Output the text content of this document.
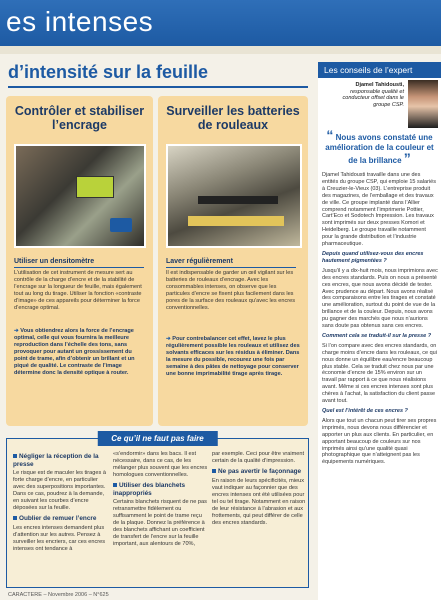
es intenses
d’intensité sur la feuille
Contrôler et stabiliser l’encrage
Utiliser un densitomètre
L’utilisation de cet instrument de mesure sert au contrôle de la charge d’encre et de la stabilité de l’encrage sur la longueur de feuille, mais également tout au long du tirage. Utiliser la fonction «contraste d’image» de ces appareils pour déterminer la force d’encrage optimal.
➔ Vous obtiendrez alors la force de l’encrage optimal, celle qui vous fournira la meilleure reproduction dans l’échelle des tons, sans provoquer pour autant un grossissement du point de trame, afin d’obtenir un brillant et un piqué de qualité. Le contraste de l’image détermine donc la densité optique à router.
Surveiller les batteries de rouleaux
Laver régulièrement
Il est indispensable de garder un œil vigilant sur les batteries de rouleaux d’encrage. Avec les consommables intenses, on observe que les particules d’encre se fixent plus facilement dans les pores de la surface des rouleaux qu’avec les encres conventionnelles.
➔ Pour contrebalancer cet effet, lavez le plus régulièrement possible les rouleaux et utilisez des solvants efficaces sur les résidus à éliminer. Dans la mesure du possible, recourez une fois par semaine à des pâtes de nettoyage pour conserver une bonne imprimabilité tirage après tirage.
Ce qu’il ne faut pas faire
Négliger la réception de la presse

Le risque est de maculer les tirages à forte charge d’encre, en particulier avec des superpositions importantes. Dans ce cas, poudrez à la demande, en suivant les courbes d’encre déposées sur la feuille.

Oublier de remuer l’encre

Les encres intenses demandent plus d’attention sur les autres. Pensez à surveiller les encriers, car ces encres intenses ont tendance à

«s’endormir» dans les bacs. Il est nécessaire, dans ce cas, de les mélanger plus souvent que les encres homologues conventionnelles.

Utiliser des blanchets inappropriés

Certains blanchets risquent de ne pas retransmettre fidèlement ou suffisamment le point de trame reçu de la plaque. Donnez la préférence à des blanchets affichant un coefficient de transfert de l’encre sur la feuille important, aux alentours de 70%,

par exemple. Ceci pour être vraiment certain de la qualité d’impression.

Ne pas avertir le façonnage

En raison de leurs spécificités, mieux vaut indiquer au façonnier que des encres intenses ont été utilisées pour tel ou tel tirage. Notamment en raison de leur résistance à l’abrasion et aux frottements, qui peut différer de celle des encres standards.

Les conseils de l’expert
Djamel Tahidousti,
responsable qualité et conducteur offset dans le groupe CSP.
“ Nous avons constaté une amélioration de la couleur et de la brillance ”

Djamel Tahidousti travaille dans une des entités du groupe CSP, qui emploie 15 salariés à Creuzier-le-Vieux (03). L’entreprise produit des magazines, de l’emballage et des travaux de ville. Ce groupe implanté dans l’Allier comprend notamment l’imprimerie Pottier, Cart’Eco et Sodotech Impression. Les travaux sont imprimés sur deux presses Komori et Heidelberg. Le groupe travaille notamment pour la grande distribution et l’industrie pharmaceutique.

Depuis quand utilisez-vous des encres hautement pigmentées ?

Jusqu’il y a dix-huit mois, nous imprimions avec des encres standards. Puis on nous a présenté ces encres, que nous avons décidé de tester. Avec prudence au départ. Nous avons réalisé des comparaisons entre les tirages et constaté une amélioration, surtout du point de vue de la brillance et de la couleur. Depuis, nous avons pu gagner des marchés que nous n’aurions sans doute pas obtenus sans ces encres.

Comment cela se traduit-il sur la presse ?

Si l’on compare avec des encres standards, on charge moins d’encre dans les rouleaux, ce qui nous donne un équilibre eau/encre beaucoup plus stable. Cela se traduit chez nous par une économie d’encre de 15% environ sur un travail par rapport à ce que nous réalisions avant. Même si ces encres intenses sont plus chères à l’achat, la satisfaction du client passe avant tout.

Quel est l’intérêt de ces encres ?

Alors que tout un chacun peut tirer ses propres imprimés, nous devons nous différencier et apporter un plus aux clients. En particulier, en apportant beaucoup de couleurs sur nos imprimés ainsi qu’une qualité quasi photographique que n’atteignent pas les équipements numériques.

CARACTERE – Novembre 2006 – N°625
